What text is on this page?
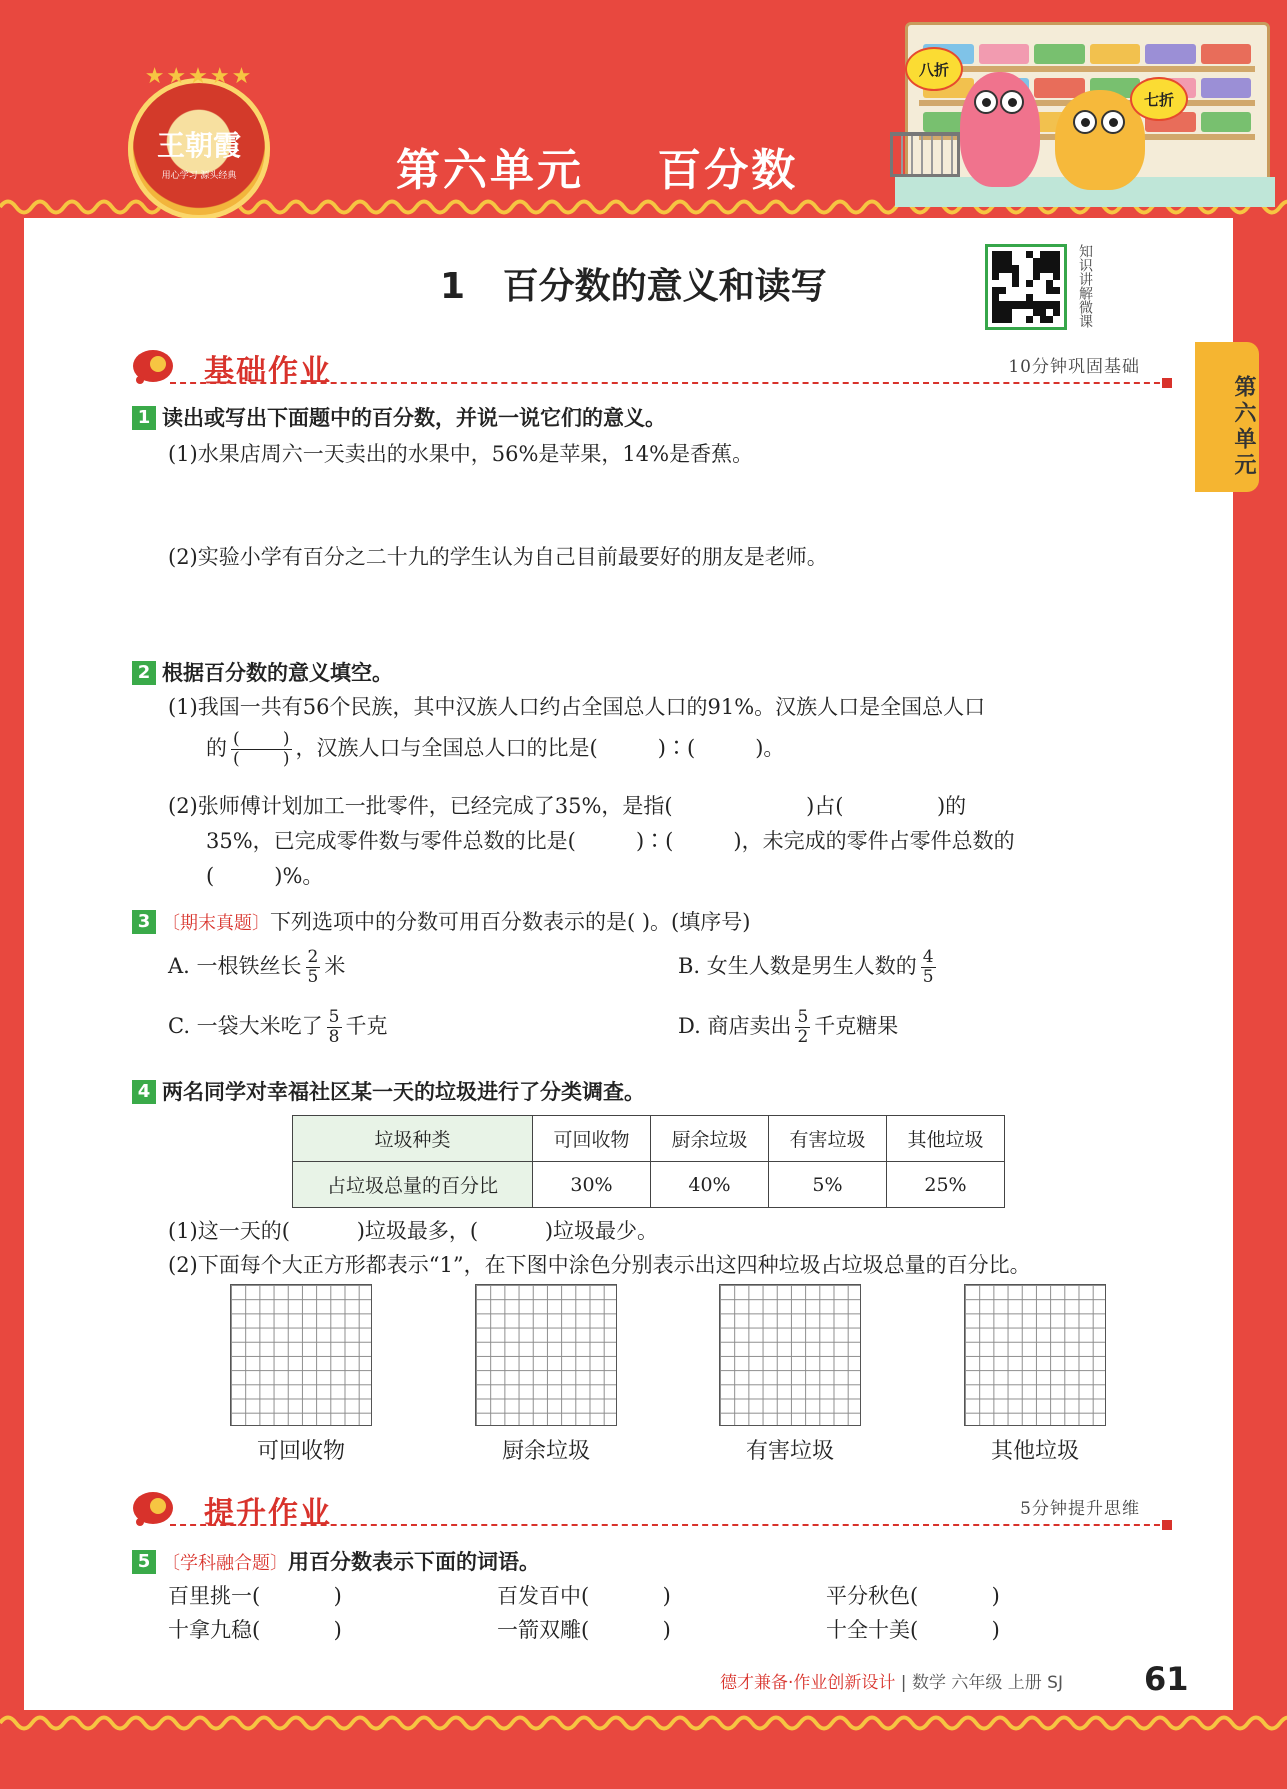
★★★★★
王朝霞
用心学习 源头经典	第六单元    百分数
八折
七折
第六单元
1   百分数的意义和读写	知识讲解微课
基础作业	10分钟巩固基础
1 读出或写出下面题中的百分数，并说一说它们的意义。
(1)水果店周六一天卖出的水果中，56%是苹果，14%是香蕉。
(2)实验小学有百分之二十九的学生认为自己目前最要好的朋友是老师。
2 根据百分数的意义填空。
(1)我国一共有56个民族，其中汉族人口约占全国总人口的91%。汉族人口是全国总人口
的 $\frac{( )}{( )}$ ，汉族人口与全国总人口的比是(         )∶(         )。
(2)张师傅计划加工一批零件，已经完成了35%，是指(                    )占(              )的
35%，已完成零件数与零件总数的比是(         )∶(         )，未完成的零件占零件总数的
(         )%。
3 〔期末真题〕下列选项中的分数可用百分数表示的是( )。(填序号)
A. 一根铁丝长 $\frac{2}{5}$ 米	B. 女生人数是男生人数的 $\frac{4}{5}$
C. 一袋大米吃了 $\frac{5}{8}$ 千克	D. 商店卖出 $\frac{5}{2}$ 千克糖果
4 两名同学对幸福社区某一天的垃圾进行了分类调查。
垃圾种类	可回收物	厨余垃圾	有害垃圾	其他垃圾
占垃圾总量的百分比	30%	40%	5%	25%
(1)这一天的(          )垃圾最多，(          )垃圾最少。
(2)下面每个大正方形都表示“1”，在下图中涂色分别表示出这四种垃圾占垃圾总量的百分比。
可回收物	厨余垃圾	有害垃圾	其他垃圾
提升作业	5分钟提升思维
5 〔学科融合题〕用百分数表示下面的词语。
百里挑一(           )	百发百中(           )	平分秋色(           )
十拿九稳(           )	一箭双雕(           )	十全十美(           )
德才兼备·作业创新设计 | 数学 六年级 上册 SJ	61
